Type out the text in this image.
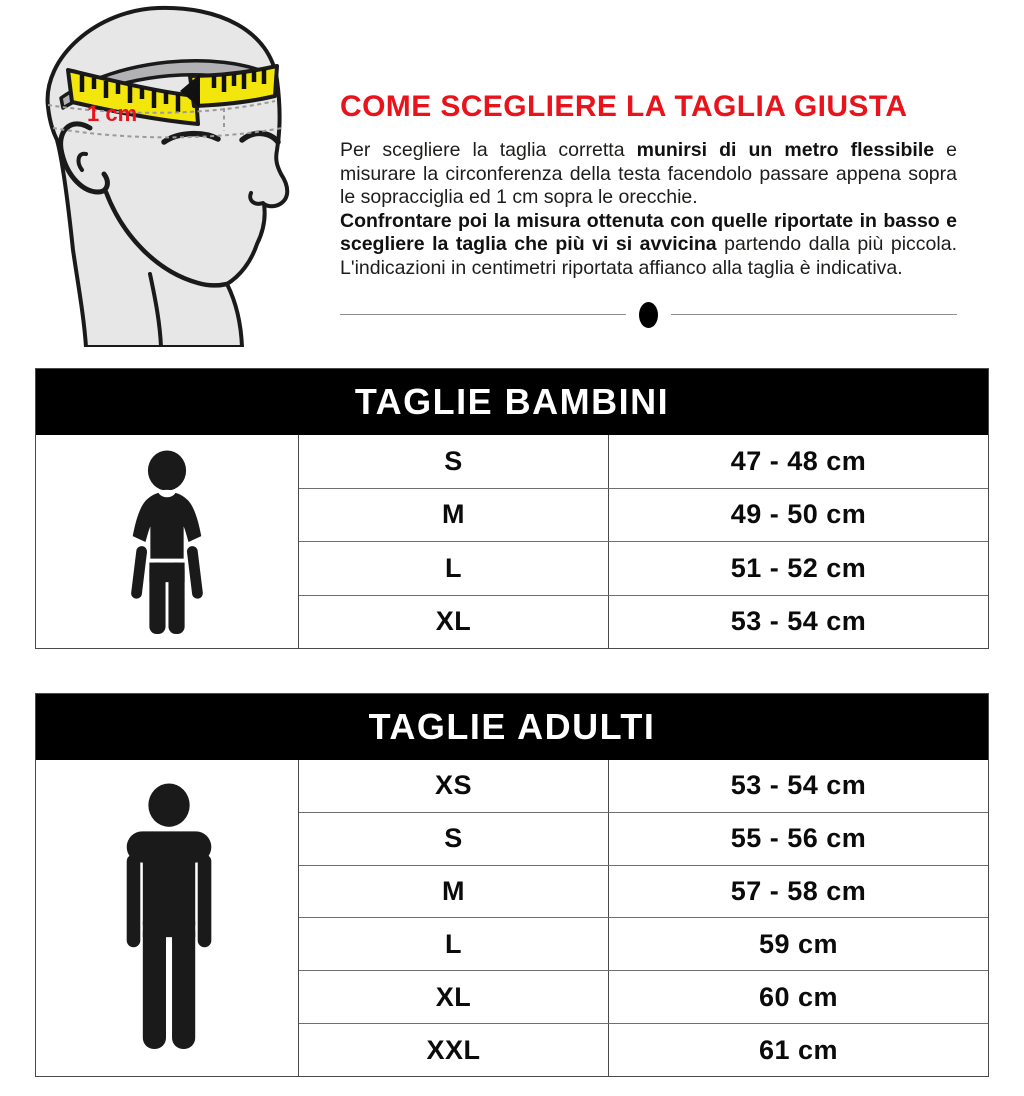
1 cm	COME SCEGLIERE LA TAGLIA GIUSTA

Per scegliere la taglia corretta munirsi di un metro flessibile e misurare la circonferenza della testa facendolo passare appena sopra le sopracciglia ed 1 cm sopra le orecchie.
Confrontare poi la misura ottenuta con quelle riportate in basso e scegliere la taglia che più vi si avvicina partendo dalla più piccola. L'indicazioni in centimetri riportata affianco alla taglia è indicativa.

TAGLIE BAMBINI
S	47 - 48 cm
M	49 - 50 cm
L	51 - 52 cm
XL	53 - 54 cm
TAGLIE ADULTI
XS	53 - 54 cm
S	55 - 56 cm
M	57 - 58 cm
L	59 cm
XL	60 cm
XXL	61 cm
